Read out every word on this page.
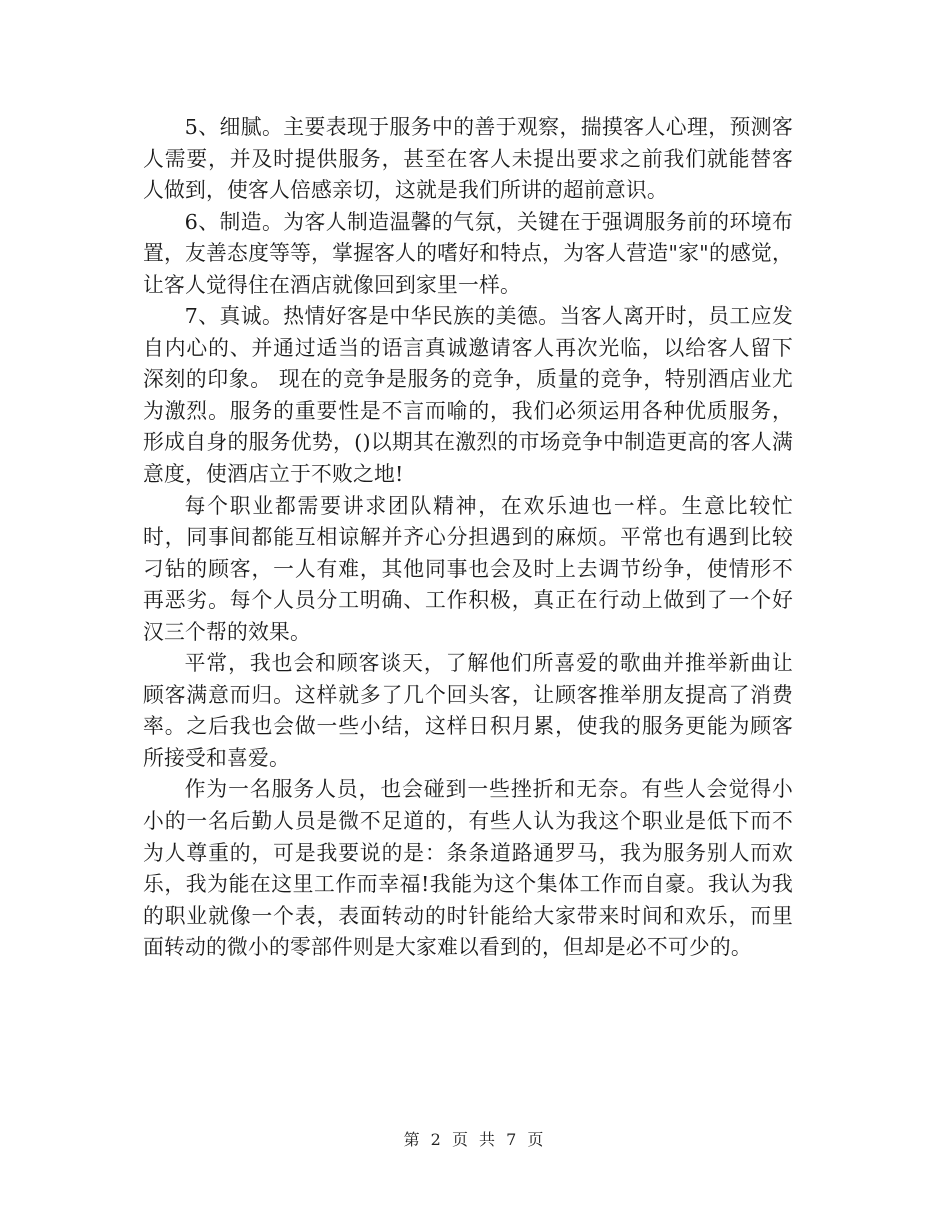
5、细腻。主要表现于服务中的善于观察，揣摸客人心理，预测客人需要，并及时提供服务，甚至在客人未提出要求之前我们就能替客人做到，使客人倍感亲切，这就是我们所讲的超前意识。

6、制造。为客人制造温馨的气氛，关键在于强调服务前的环境布置，友善态度等等，掌握客人的嗜好和特点，为客人营造"家"的感觉，让客人觉得住在酒店就像回到家里一样。

7、真诚。热情好客是中华民族的美德。当客人离开时，员工应发自内心的、并通过适当的语言真诚邀请客人再次光临，以给客人留下深刻的印象。 现在的竞争是服务的竞争，质量的竞争，特别酒店业尤为激烈。服务的重要性是不言而喻的，我们必须运用各种优质服务，形成自身的服务优势，()以期其在激烈的市场竞争中制造更高的客人满意度，使酒店立于不败之地!

每个职业都需要讲求团队精神，在欢乐迪也一样。生意比较忙时，同事间都能互相谅解并齐心分担遇到的麻烦。平常也有遇到比较刁钻的顾客，一人有难，其他同事也会及时上去调节纷争，使情形不再恶劣。每个人员分工明确、工作积极，真正在行动上做到了一个好汉三个帮的效果。

平常，我也会和顾客谈天，了解他们所喜爱的歌曲并推举新曲让顾客满意而归。这样就多了几个回头客，让顾客推举朋友提高了消费率。之后我也会做一些小结，这样日积月累，使我的服务更能为顾客所接受和喜爱。

作为一名服务人员，也会碰到一些挫折和无奈。有些人会觉得小小的一名后勤人员是微不足道的，有些人认为我这个职业是低下而不为人尊重的，可是我要说的是：条条道路通罗马，我为服务别人而欢乐，我为能在这里工作而幸福!我能为这个集体工作而自豪。我认为我的职业就像一个表，表面转动的时针能给大家带来时间和欢乐，而里面转动的微小的零部件则是大家难以看到的，但却是必不可少的。

第 2 页 共 7 页
